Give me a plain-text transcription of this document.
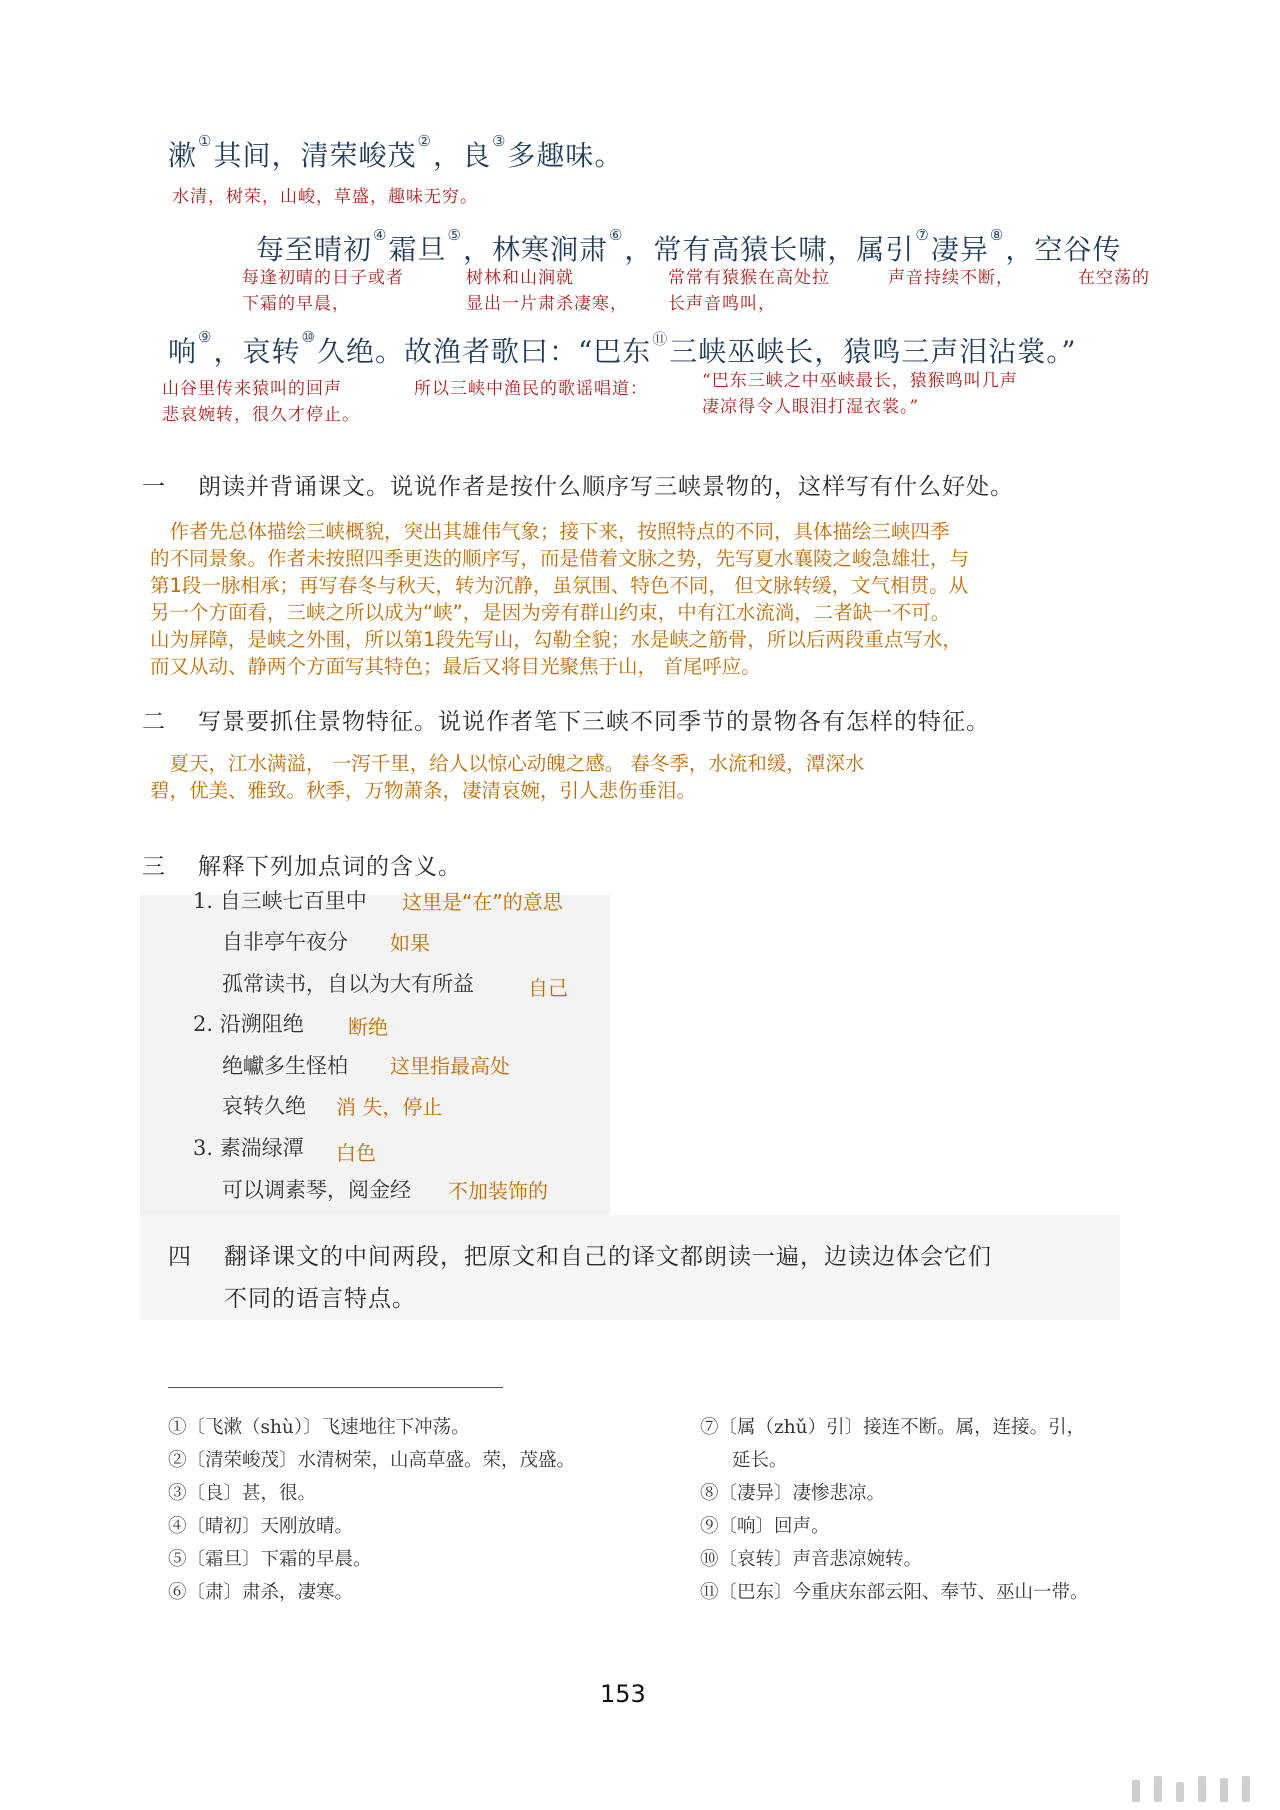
漱①其间，清荣峻茂②，良③多趣味。
水清，树荣，山峻，草盛，趣味无穷。
每至晴初④霜旦⑤，林寒涧肃⑥，常有高猿长啸，属引⑦凄异⑧，空谷传
每逢初晴的日子或者
下霜的早晨，
树林和山涧就
显出一片肃杀凄寒，
常常有猿猴在高处拉
长声音鸣叫，
声音持续不断，	在空荡的
响⑨，哀转⑩久绝。故渔者歌曰：“巴东⑪三峡巫峡长，猿鸣三声泪沾裳。”
山谷里传来猿叫的回声
悲哀婉转，很久才停止。
所以三峡中渔民的歌谣唱道：	“巴东三峡之中巫峡最长，猿猴鸣叫几声
凄凉得令人眼泪打湿衣裳。”
一 朗读并背诵课文。说说作者是按什么顺序写三峡景物的，这样写有什么好处。
　作者先总体描绘三峡概貌，突出其雄伟气象；接下来，按照特点的不同，具体描绘三峡四季
的不同景象。作者未按照四季更迭的顺序写，而是借着文脉之势，先写夏水襄陵之峻急雄壮，与
第1段一脉相承；再写春冬与秋天，转为沉静，虽氛围、特色不同， 但文脉转缓，文气相贯。从
另一个方面看，三峡之所以成为“峡”，是因为旁有群山约束，中有江水流淌，二者缺一不可。
山为屏障，是峡之外围，所以第1段先写山，勾勒全貌；水是峡之筋骨，所以后两段重点写水，
而又从动、静两个方面写其特色；最后又将目光聚焦于山， 首尾呼应。
二 写景要抓住景物特征。说说作者笔下三峡不同季节的景物各有怎样的特征。
　夏天，江水满溢， 一泻千里，给人以惊心动魄之感。 春冬季，水流和缓，潭深水
碧，优美、雅致。秋季，万物萧条，凄清哀婉，引人悲伤垂泪。
三 解释下列加点词的含义。
1. 自三峡七百里中 这里是“在”的意思
自非亭午夜分 如果
孤常读书，自以为大有所益	自己
2. 沿溯阻绝 断绝
绝巘多生怪柏 这里指最高处
哀转久绝 消 失，停止
3. 素湍绿潭 白色
可以调素琴，阅金经 不加装饰的
四 翻译课文的中间两段，把原文和自己的译文都朗读一遍，边读边体会它们
不同的语言特点。
①〔飞漱（shù）〕飞速地往下冲荡。
②〔清荣峻茂〕水清树荣，山高草盛。荣，茂盛。
③〔良〕甚，很。
④〔晴初〕天刚放晴。
⑤〔霜旦〕下霜的早晨。
⑥〔肃〕肃杀，凄寒。
⑦〔属（zhǔ）引〕接连不断。属，连接。引，
延长。
⑧〔凄异〕凄惨悲凉。
⑨〔响〕回声。
⑩〔哀转〕声音悲凉婉转。
⑪〔巴东〕今重庆东部云阳、奉节、巫山一带。
153
